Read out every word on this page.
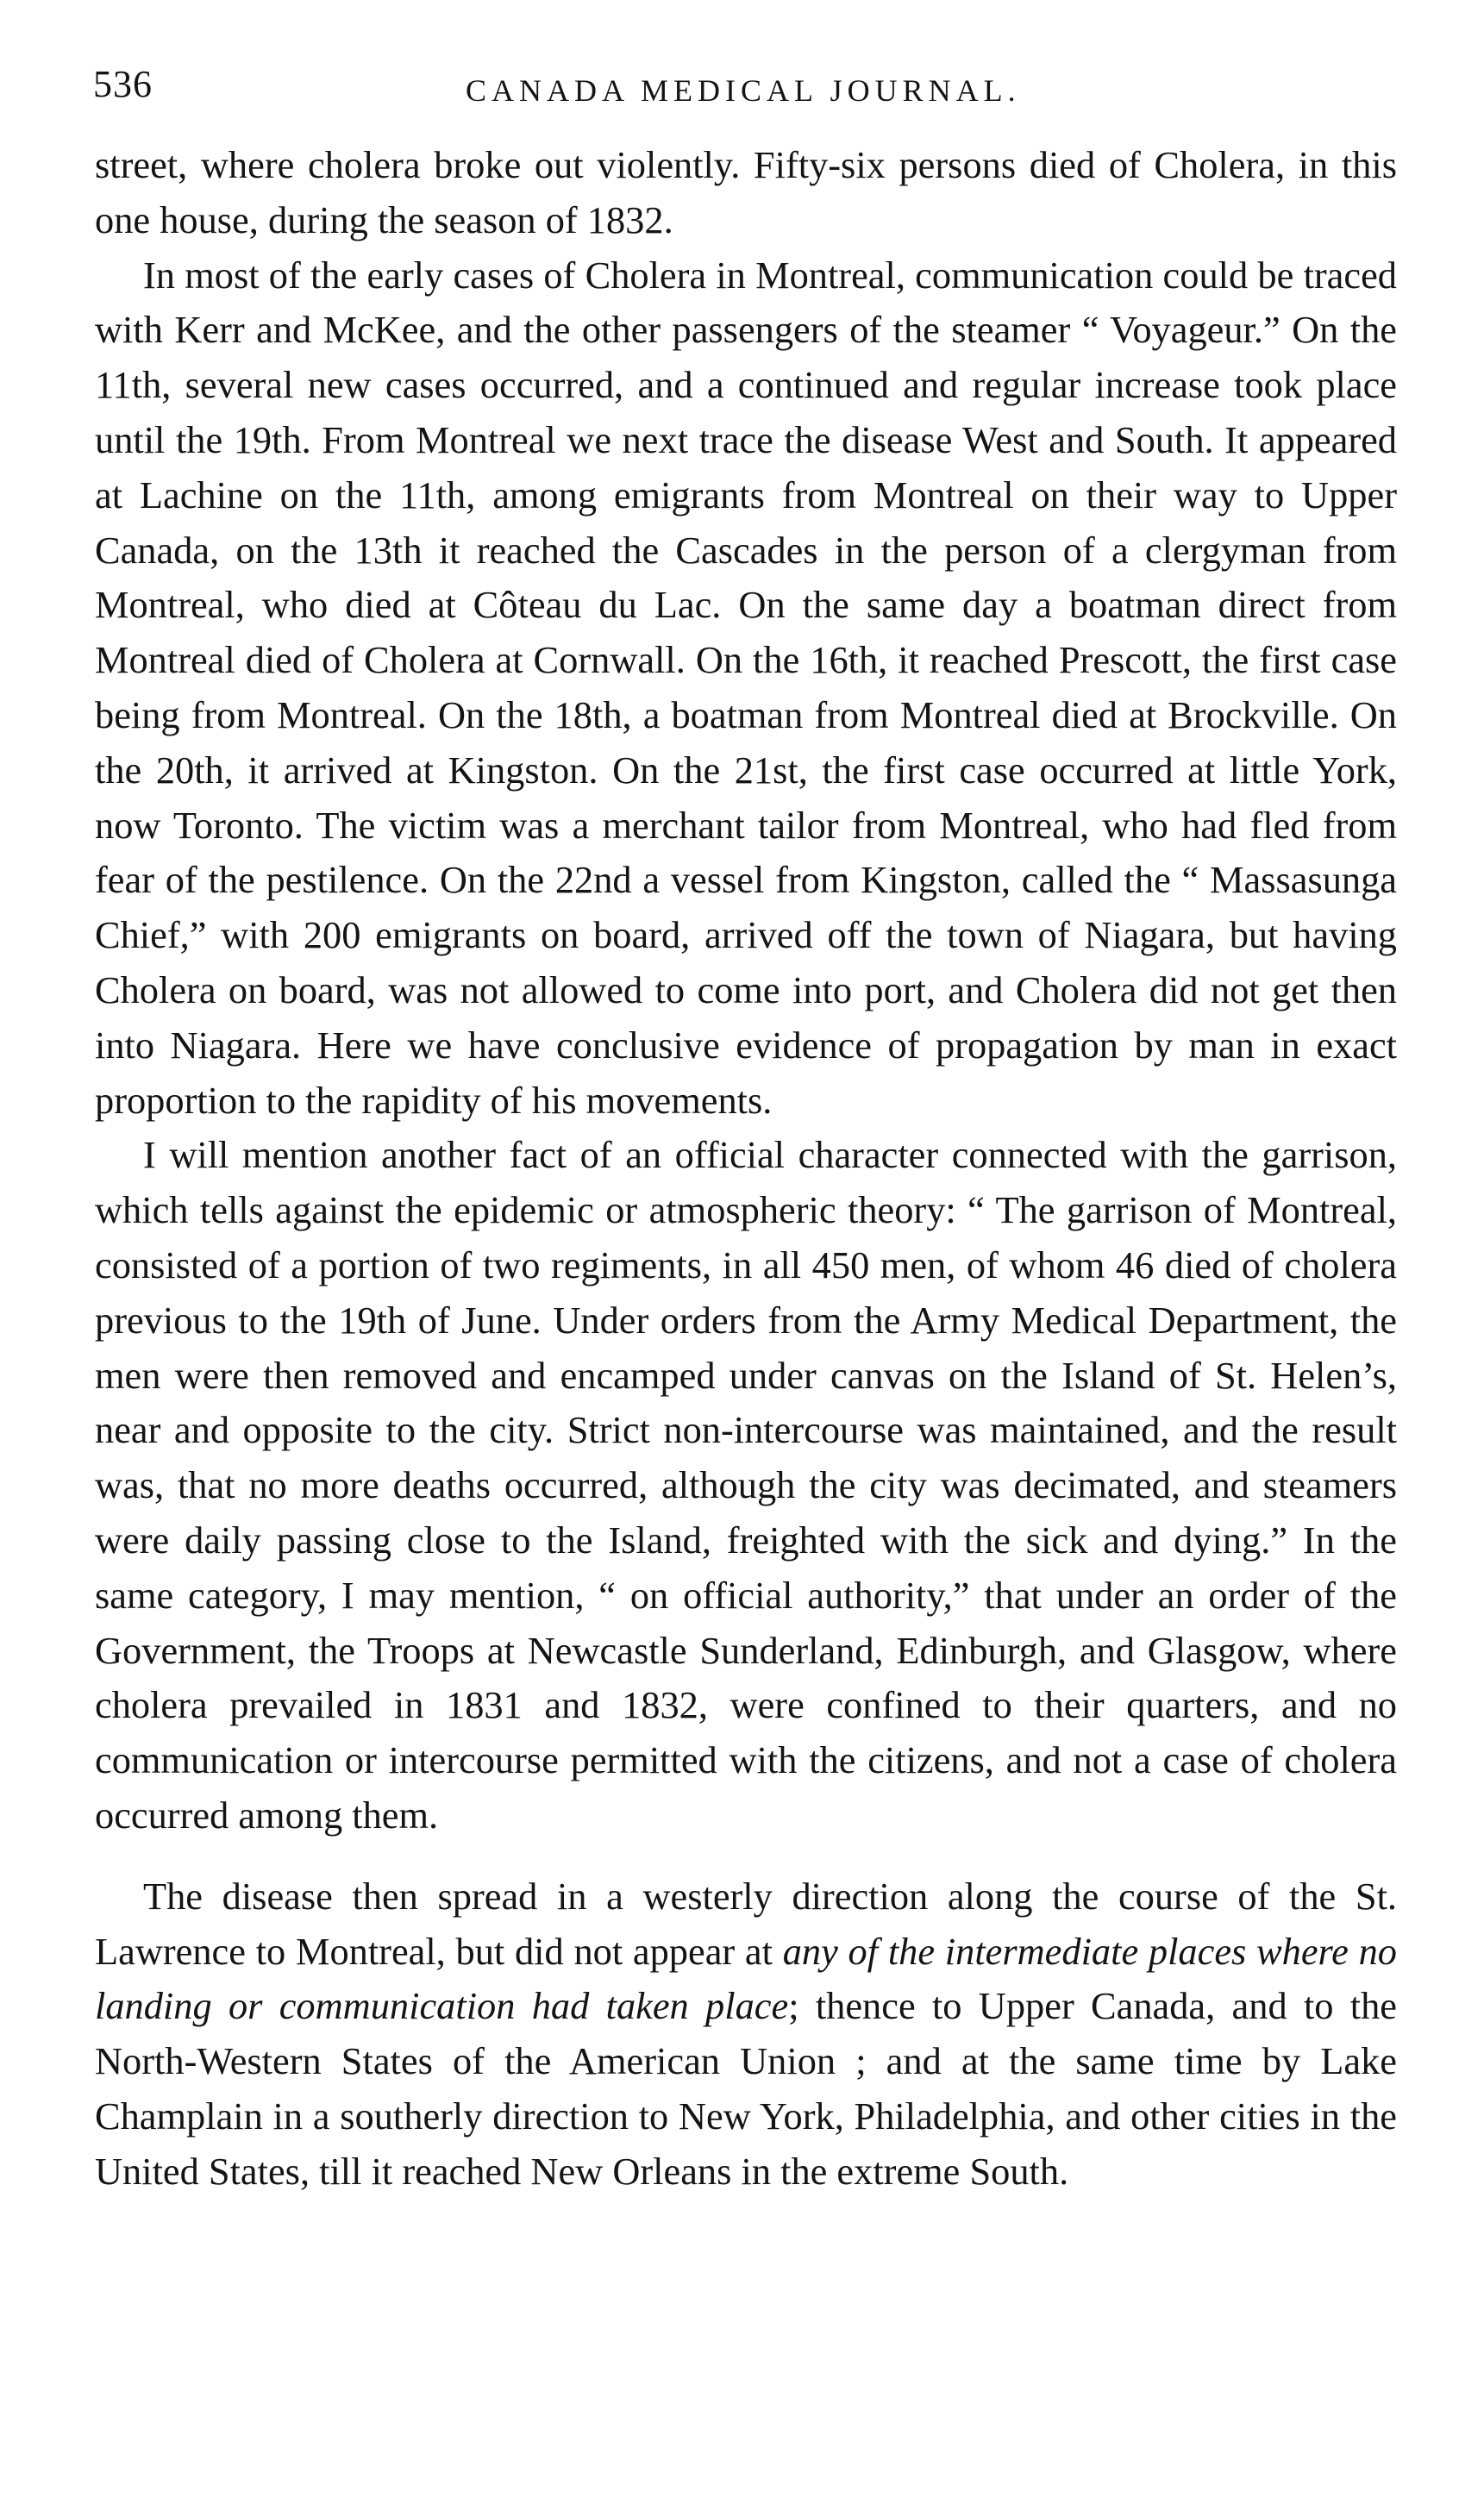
536	CANADA MEDICAL JOURNAL.

street, where cholera broke out violently. Fifty-six persons died of Cholera, in this one house, during the season of 1832.

In most of the early cases of Cholera in Montreal, communication could be traced with Kerr and McKee, and the other passengers of the steamer “ Voyageur.” On the 11th, several new cases occurred, and a continued and regular increase took place until the 19th. From Montreal we next trace the disease West and South. It appeared at Lachine on the 11th, among emigrants from Montreal on their way to Upper Canada, on the 13th it reached the Cascades in the person of a clergyman from Montreal, who died at Côteau du Lac. On the same day a boatman direct from Montreal died of Cholera at Cornwall. On the 16th, it reached Prescott, the first case being from Montreal. On the 18th, a boatman from Montreal died at Brockville. On the 20th, it arrived at Kingston. On the 21st, the first case occurred at little York, now Toronto. The victim was a merchant tailor from Montreal, who had fled from fear of the pestilence. On the 22nd a vessel from Kingston, called the “ Massasunga Chief,” with 200 emigrants on board, arrived off the town of Niagara, but having Cholera on board, was not allowed to come into port, and Cholera did not get then into Niagara. Here we have conclusive evidence of propagation by man in exact proportion to the rapidity of his movements.

I will mention another fact of an official character connected with the garrison, which tells against the epidemic or atmospheric theory: “ The garrison of Montreal, consisted of a portion of two regiments, in all 450 men, of whom 46 died of cholera previous to the 19th of June. Under orders from the Army Medical Department, the men were then removed and encamped under canvas on the Island of St. Helen’s, near and opposite to the city. Strict non-intercourse was maintained, and the result was, that no more deaths occurred, although the city was decimated, and steamers were daily passing close to the Island, freighted with the sick and dying.” In the same category, I may mention, “ on official authority,” that under an order of the Government, the Troops at Newcastle Sunderland, Edinburgh, and Glasgow, where cholera prevailed in 1831 and 1832, were confined to their quarters, and no communication or intercourse permitted with the citizens, and not a case of cholera occurred among them.

The disease then spread in a westerly direction along the course of the St. Lawrence to Montreal, but did not appear at any of the intermediate places where no landing or communication had taken place; thence to Upper Canada, and to the North-Western States of the American Union ; and at the same time by Lake Champlain in a southerly direction to New York, Philadelphia, and other cities in the United States, till it reached New Orleans in the extreme South.
